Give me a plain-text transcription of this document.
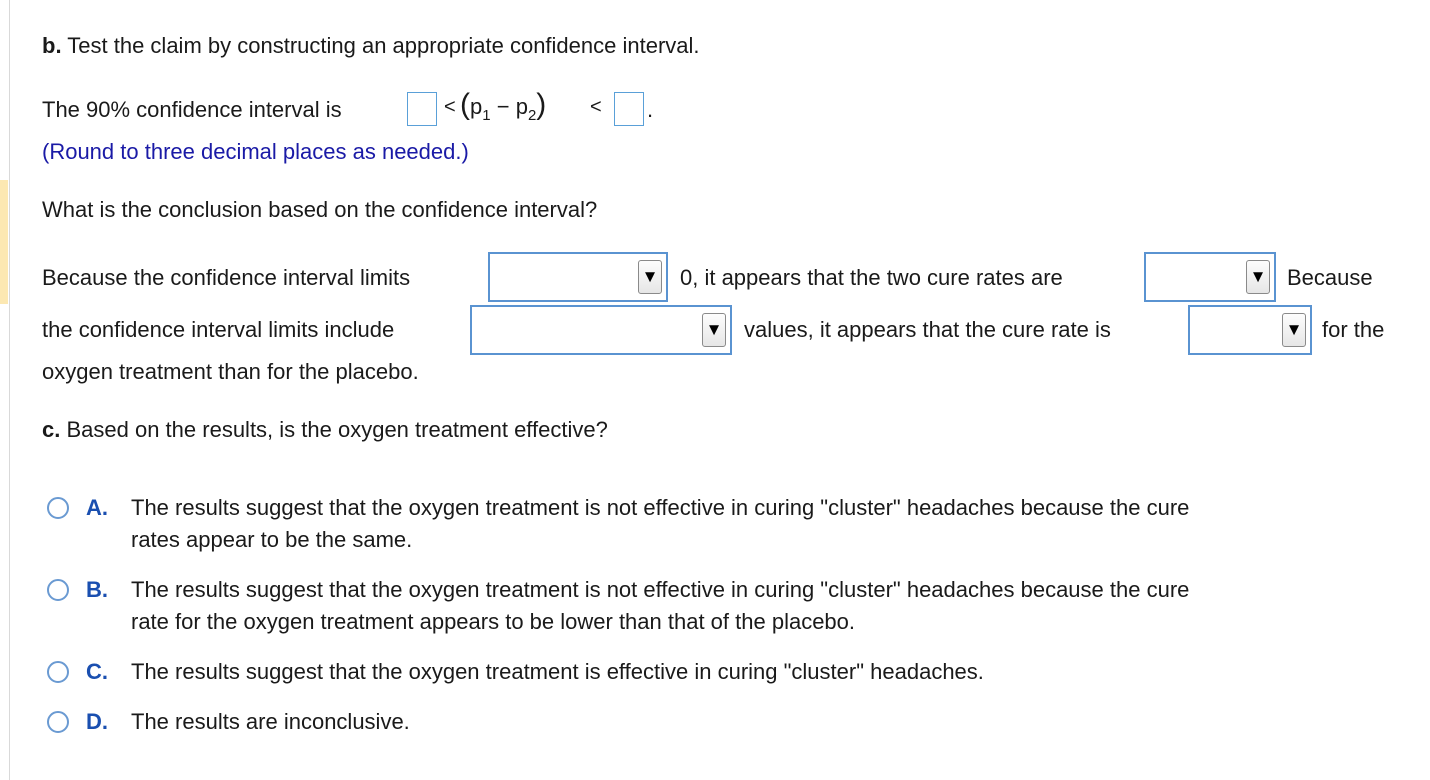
b. Test the claim by constructing an appropriate confidence interval.
The 90% confidence interval is	< $(p_1 - p_2)$ < .
(Round to three decimal places as needed.)
What is the conclusion based on the confidence interval?
Because the confidence interval limits	▼ 0, it appears that the two cure rates are	▼ Because
the confidence interval limits include	▼ values, it appears that the cure rate is	▼ for the
oxygen treatment than for the placebo.
c. Based on the results, is the oxygen treatment effective?
A. The results suggest that the oxygen treatment is not effective in curing "cluster" headaches because the cure
rates appear to be the same.
B. The results suggest that the oxygen treatment is not effective in curing "cluster" headaches because the cure
rate for the oxygen treatment appears to be lower than that of the placebo.
C. The results suggest that the oxygen treatment is effective in curing "cluster" headaches.
D. The results are inconclusive.
